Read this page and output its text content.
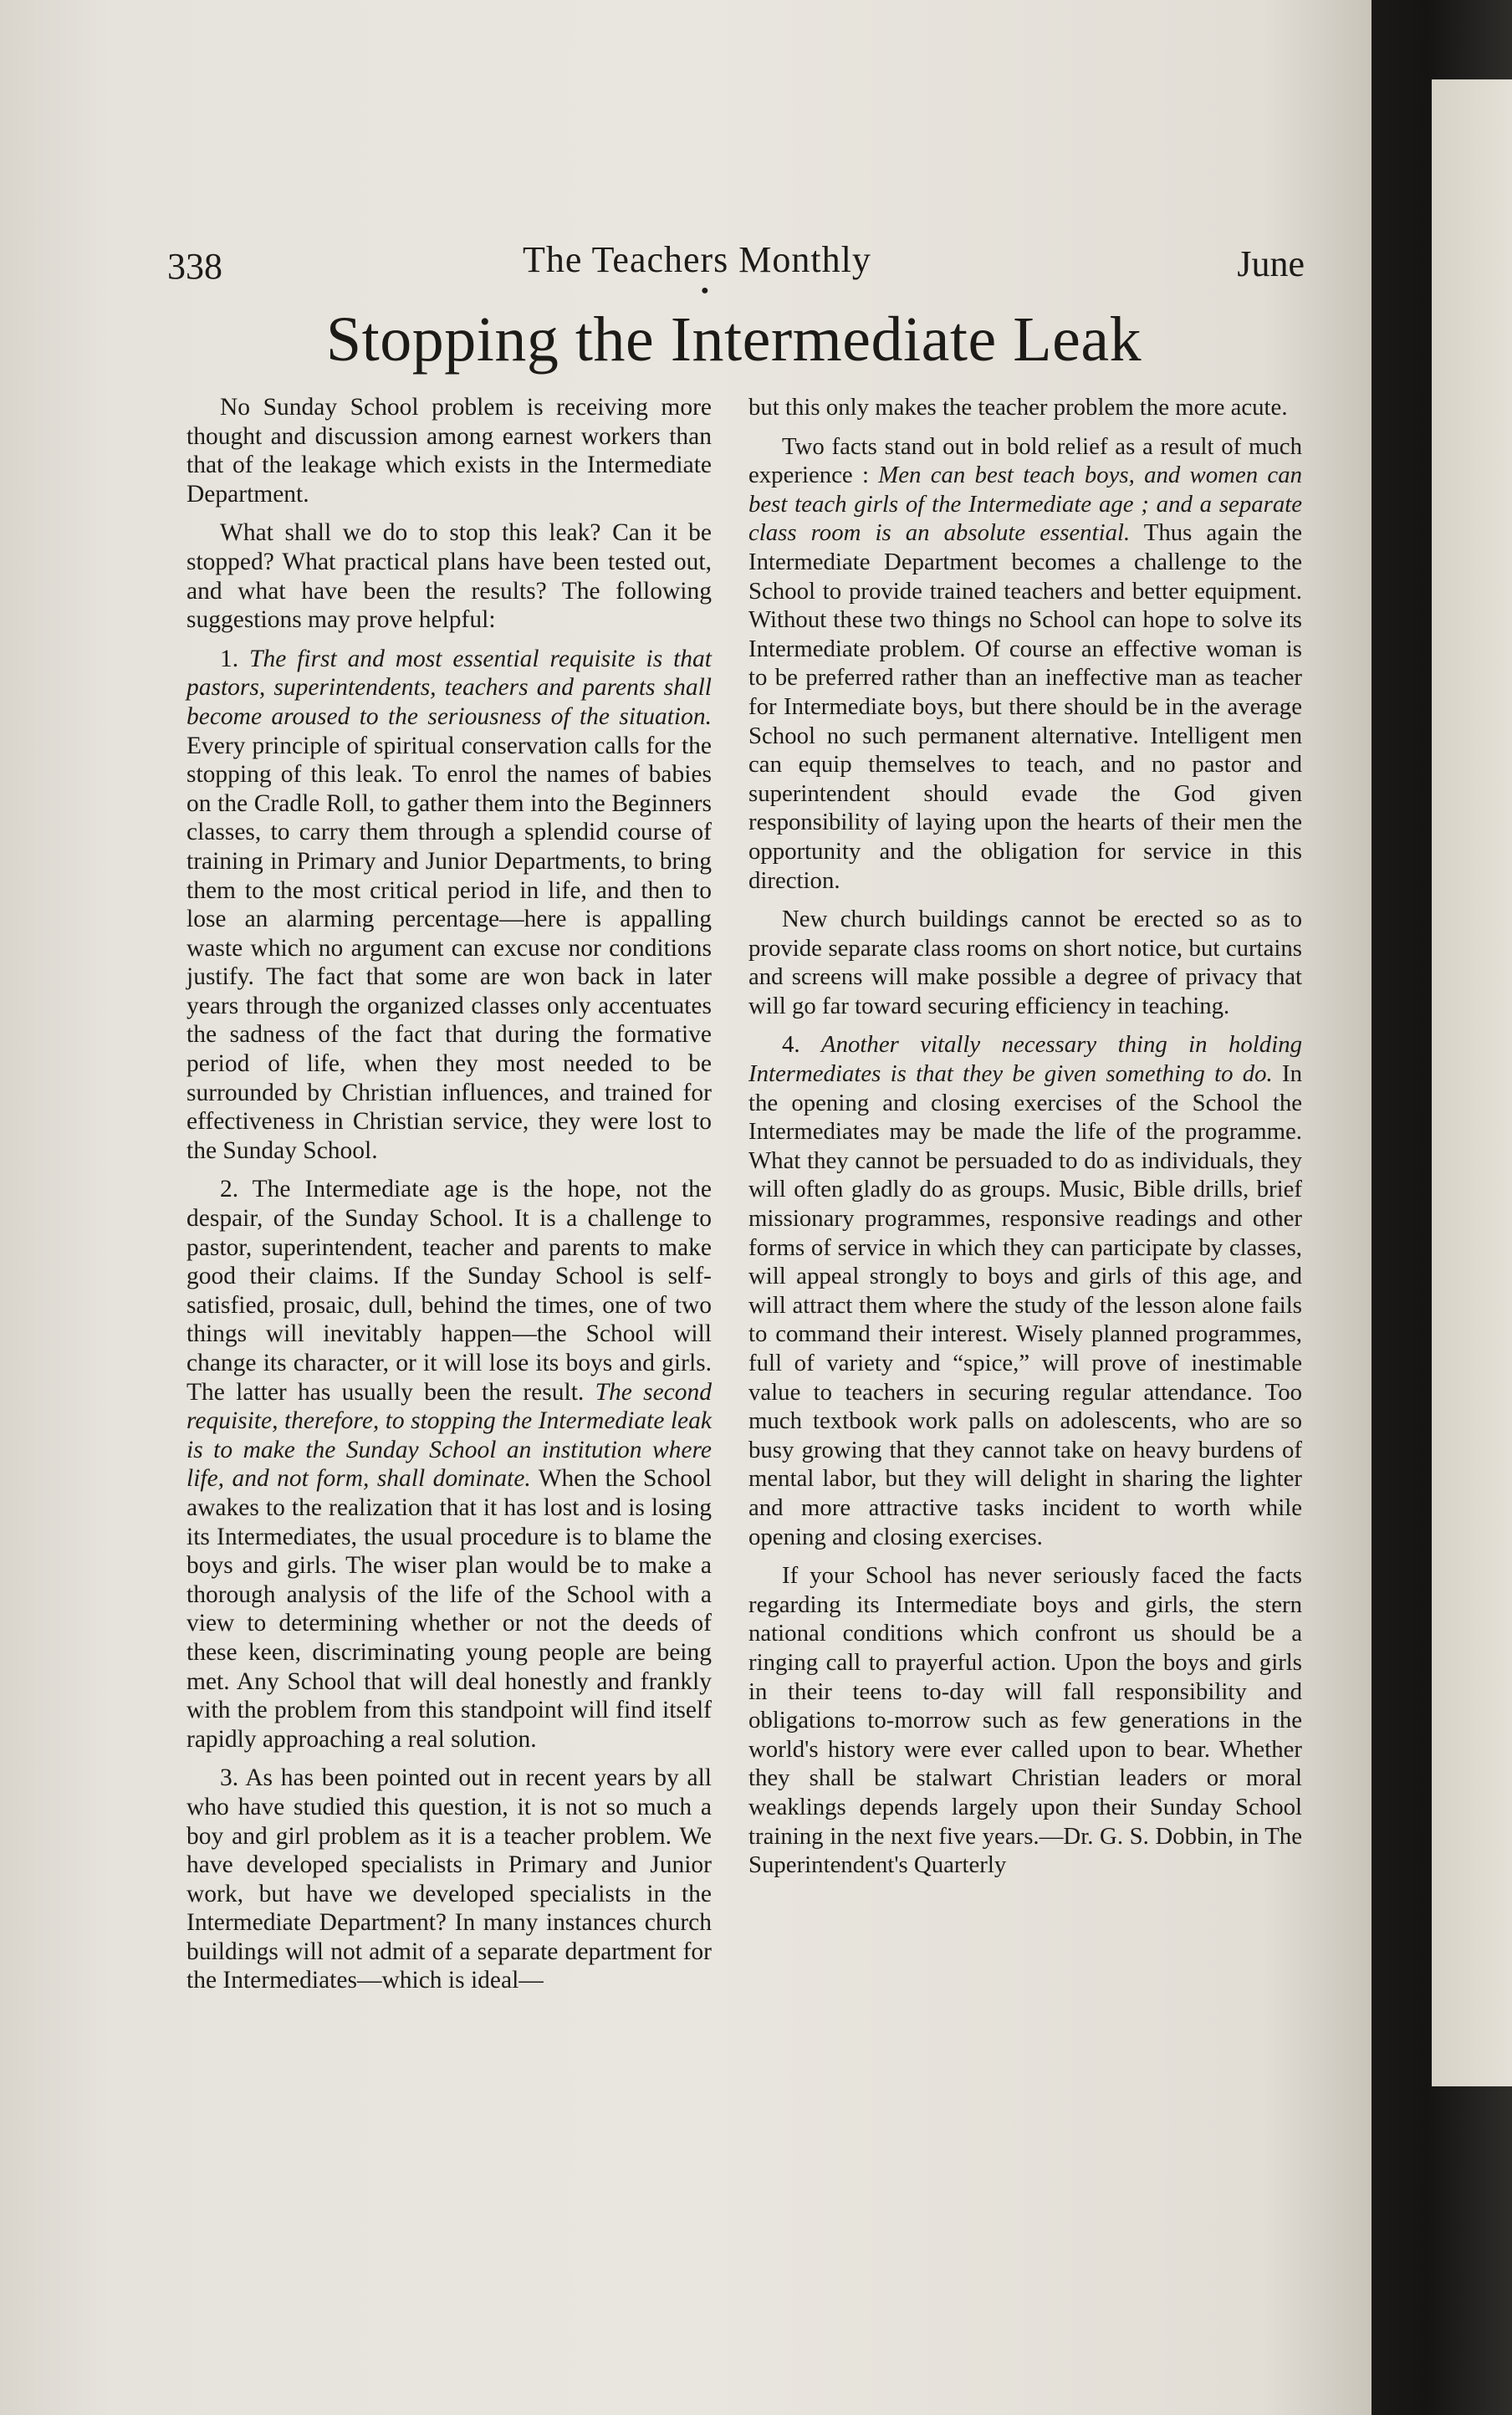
338	The Teachers Monthly
●
June
Stopping the Intermediate Leak

No Sunday School problem is receiving more thought and discussion among earnest workers than that of the leakage which exists in the Intermediate Department.

What shall we do to stop this leak? Can it be stopped? What practical plans have been tested out, and what have been the results? The following suggestions may prove helpful:

1. The first and most essential requisite is that pastors, superintendents, teachers and parents shall become aroused to the seriousness of the situation. Every principle of spiritual conservation calls for the stopping of this leak. To enrol the names of babies on the Cradle Roll, to gather them into the Beginners classes, to carry them through a splendid course of training in Primary and Junior Departments, to bring them to the most critical period in life, and then to lose an alarming percentage—here is appalling waste which no argument can excuse nor conditions justify. The fact that some are won back in later years through the organized classes only accentuates the sadness of the fact that during the formative period of life, when they most needed to be surrounded by Christian influences, and trained for effectiveness in Christian service, they were lost to the Sunday School.

2. The Intermediate age is the hope, not the despair, of the Sunday School. It is a challenge to pastor, superintendent, teacher and parents to make good their claims. If the Sunday School is self-satisfied, prosaic, dull, behind the times, one of two things will inevitably happen—the School will change its character, or it will lose its boys and girls. The latter has usually been the result. The second requisite, therefore, to stopping the Intermediate leak is to make the Sunday School an institution where life, and not form, shall dominate. When the School awakes to the realization that it has lost and is losing its Intermediates, the usual procedure is to blame the boys and girls. The wiser plan would be to make a thorough analysis of the life of the School with a view to determining whether or not the deeds of these keen, discriminating young people are being met. Any School that will deal honestly and frankly with the problem from this standpoint will find itself rapidly approaching a real solution.

3. As has been pointed out in recent years by all who have studied this question, it is not so much a boy and girl problem as it is a teacher problem. We have developed specialists in Primary and Junior work, but have we developed specialists in the Intermediate Department? In many instances church buildings will not admit of a separate department for the Intermediates—which is ideal—

but this only makes the teacher problem the more acute.

Two facts stand out in bold relief as a result of much experience : Men can best teach boys, and women can best teach girls of the Intermediate age ; and a separate class room is an absolute essential. Thus again the Intermediate Department becomes a challenge to the School to provide trained teachers and better equipment. Without these two things no School can hope to solve its Intermediate problem. Of course an effective woman is to be preferred rather than an ineffective man as teacher for Intermediate boys, but there should be in the average School no such permanent alternative. Intelligent men can equip themselves to teach, and no pastor and superintendent should evade the God given responsibility of laying upon the hearts of their men the opportunity and the obligation for service in this direction.

New church buildings cannot be erected so as to provide separate class rooms on short notice, but curtains and screens will make possible a degree of privacy that will go far toward securing efficiency in teaching.

4. Another vitally necessary thing in holding Intermediates is that they be given something to do. In the opening and closing exercises of the School the Intermediates may be made the life of the programme. What they cannot be persuaded to do as individuals, they will often gladly do as groups. Music, Bible drills, brief missionary programmes, responsive readings and other forms of service in which they can participate by classes, will appeal strongly to boys and girls of this age, and will attract them where the study of the lesson alone fails to command their interest. Wisely planned programmes, full of variety and “spice,” will prove of inestimable value to teachers in securing regular attendance. Too much textbook work palls on adolescents, who are so busy growing that they cannot take on heavy burdens of mental labor, but they will delight in sharing the lighter and more attractive tasks incident to worth while opening and closing exercises.

If your School has never seriously faced the facts regarding its Intermediate boys and girls, the stern national conditions which confront us should be a ringing call to prayerful action. Upon the boys and girls in their teens to-day will fall responsibility and obligations to-morrow such as few generations in the world's history were ever called upon to bear. Whether they shall be stalwart Christian leaders or moral weaklings depends largely upon their Sunday School training in the next five years.—Dr. G. S. Dobbin, in The Superintendent's Quarterly
